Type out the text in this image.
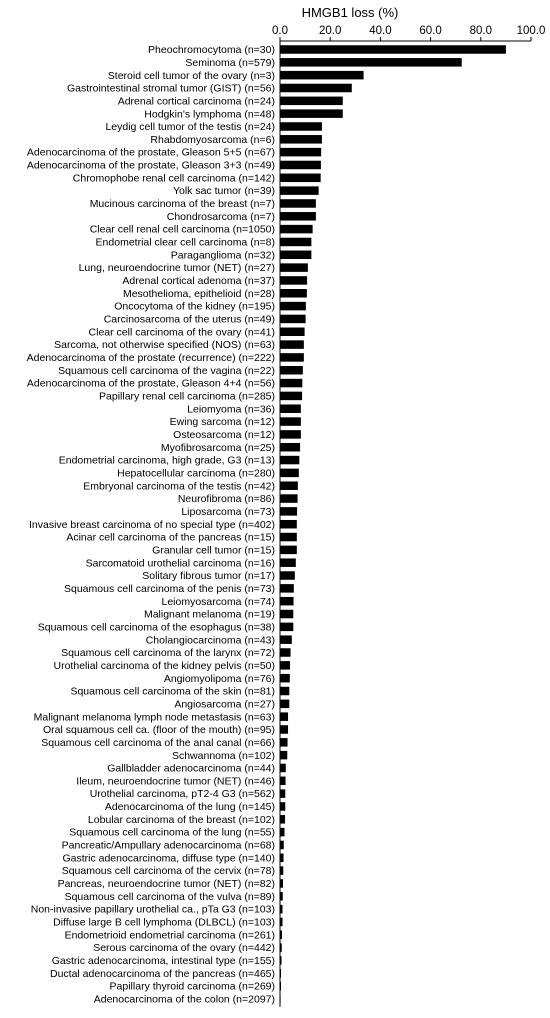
HMGB1 loss (%)
0.0	20.0 40.0 60.0 80.0 100.0
Pheochromocytoma (n=30)
Seminoma (n=579)
Steroid cell tumor of the ovary (n=3)
Gastrointestinal stromal tumor (GIST) (n=56)
Adrenal cortical carcinoma (n=24)
Hodgkin's lymphoma (n=48)
Leydig cell tumor of the testis (n=24)
Rhabdomyosarcoma (n=6)
Adenocarcinoma of the prostate, Gleason 5+5 (n=67)
Adenocarcinoma of the prostate, Gleason 3+3 (n=49)
Chromophobe renal cell carcinoma (n=142)
Yolk sac tumor (n=39)
Mucinous carcinoma of the breast (n=7)
Chondrosarcoma (n=7)
Clear cell renal cell carcinoma (n=1050)
Endometrial clear cell carcinoma (n=8)
Paraganglioma (n=32)
Lung, neuroendocrine tumor (NET) (n=27)
Adrenal cortical adenoma (n=37)
Mesothelioma, epithelioid (n=28)
Oncocytoma of the kidney (n=195)
Carcinosarcoma of the uterus (n=49)
Clear cell carcinoma of the ovary (n=41)
Sarcoma, not otherwise specified (NOS) (n=63)
Adenocarcinoma of the prostate (recurrence) (n=222)
Squamous cell carcinoma of the vagina (n=22)
Adenocarcinoma of the prostate, Gleason 4+4 (n=56)
Papillary renal cell carcinoma (n=285)
Leiomyoma (n=36)
Ewing sarcoma (n=12)
Osteosarcoma (n=12)
Myofibrosarcoma (n=25)
Endometrial carcinoma, high grade, G3 (n=13)
Hepatocellular carcinoma (n=280)
Embryonal carcinoma of the testis (n=42)
Neurofibroma (n=86)
Liposarcoma (n=73)
Invasive breast carcinoma of no special type (n=402)
Acinar cell carcinoma of the pancreas (n=15)
Granular cell tumor (n=15)
Sarcomatoid urothelial carcinoma (n=16)
Solitary fibrous tumor (n=17)
Squamous cell carcinoma of the penis (n=73)
Leiomyosarcoma (n=74)
Malignant melanoma (n=19)
Squamous cell carcinoma of the esophagus (n=38)
Cholangiocarcinoma (n=43)
Squamous cell carcinoma of the larynx (n=72)
Urothelial carcinoma of the kidney pelvis (n=50)
Angiomyolipoma (n=76)
Squamous cell carcinoma of the skin (n=81)
Angiosarcoma (n=27)
Malignant melanoma lymph node metastasis (n=63)
Oral squamous cell ca. (floor of the mouth) (n=95)
Squamous cell carcinoma of the anal canal (n=66)
Schwannoma (n=102)
Gallbladder adenocarcinoma (n=44)
Ileum, neuroendocrine tumor (NET) (n=46)
Urothelial carcinoma, pT2-4 G3 (n=562)
Adenocarcinoma of the lung (n=145)
Lobular carcinoma of the breast (n=102)
Squamous cell carcinoma of the lung (n=55)
Pancreatic/Ampullary adenocarcinoma (n=68)
Gastric adenocarcinoma, diffuse type (n=140)
Squamous cell carcinoma of the cervix (n=78)
Pancreas, neuroendocrine tumor (NET) (n=82)
Squamous cell carcinoma of the vulva (n=89)
Non-invasive papillary urothelial ca., pTa G3 (n=103)
Diffuse large B cell lymphoma (DLBCL) (n=103)
Endometrioid endometrial carcinoma (n=261)
Serous carcinoma of the ovary (n=442)
Gastric adenocarcinoma, intestinal type (n=155)
Ductal adenocarcinoma of the pancreas (n=465)
Papillary thyroid carcinoma (n=269)
Adenocarcinoma of the colon (n=2097)
